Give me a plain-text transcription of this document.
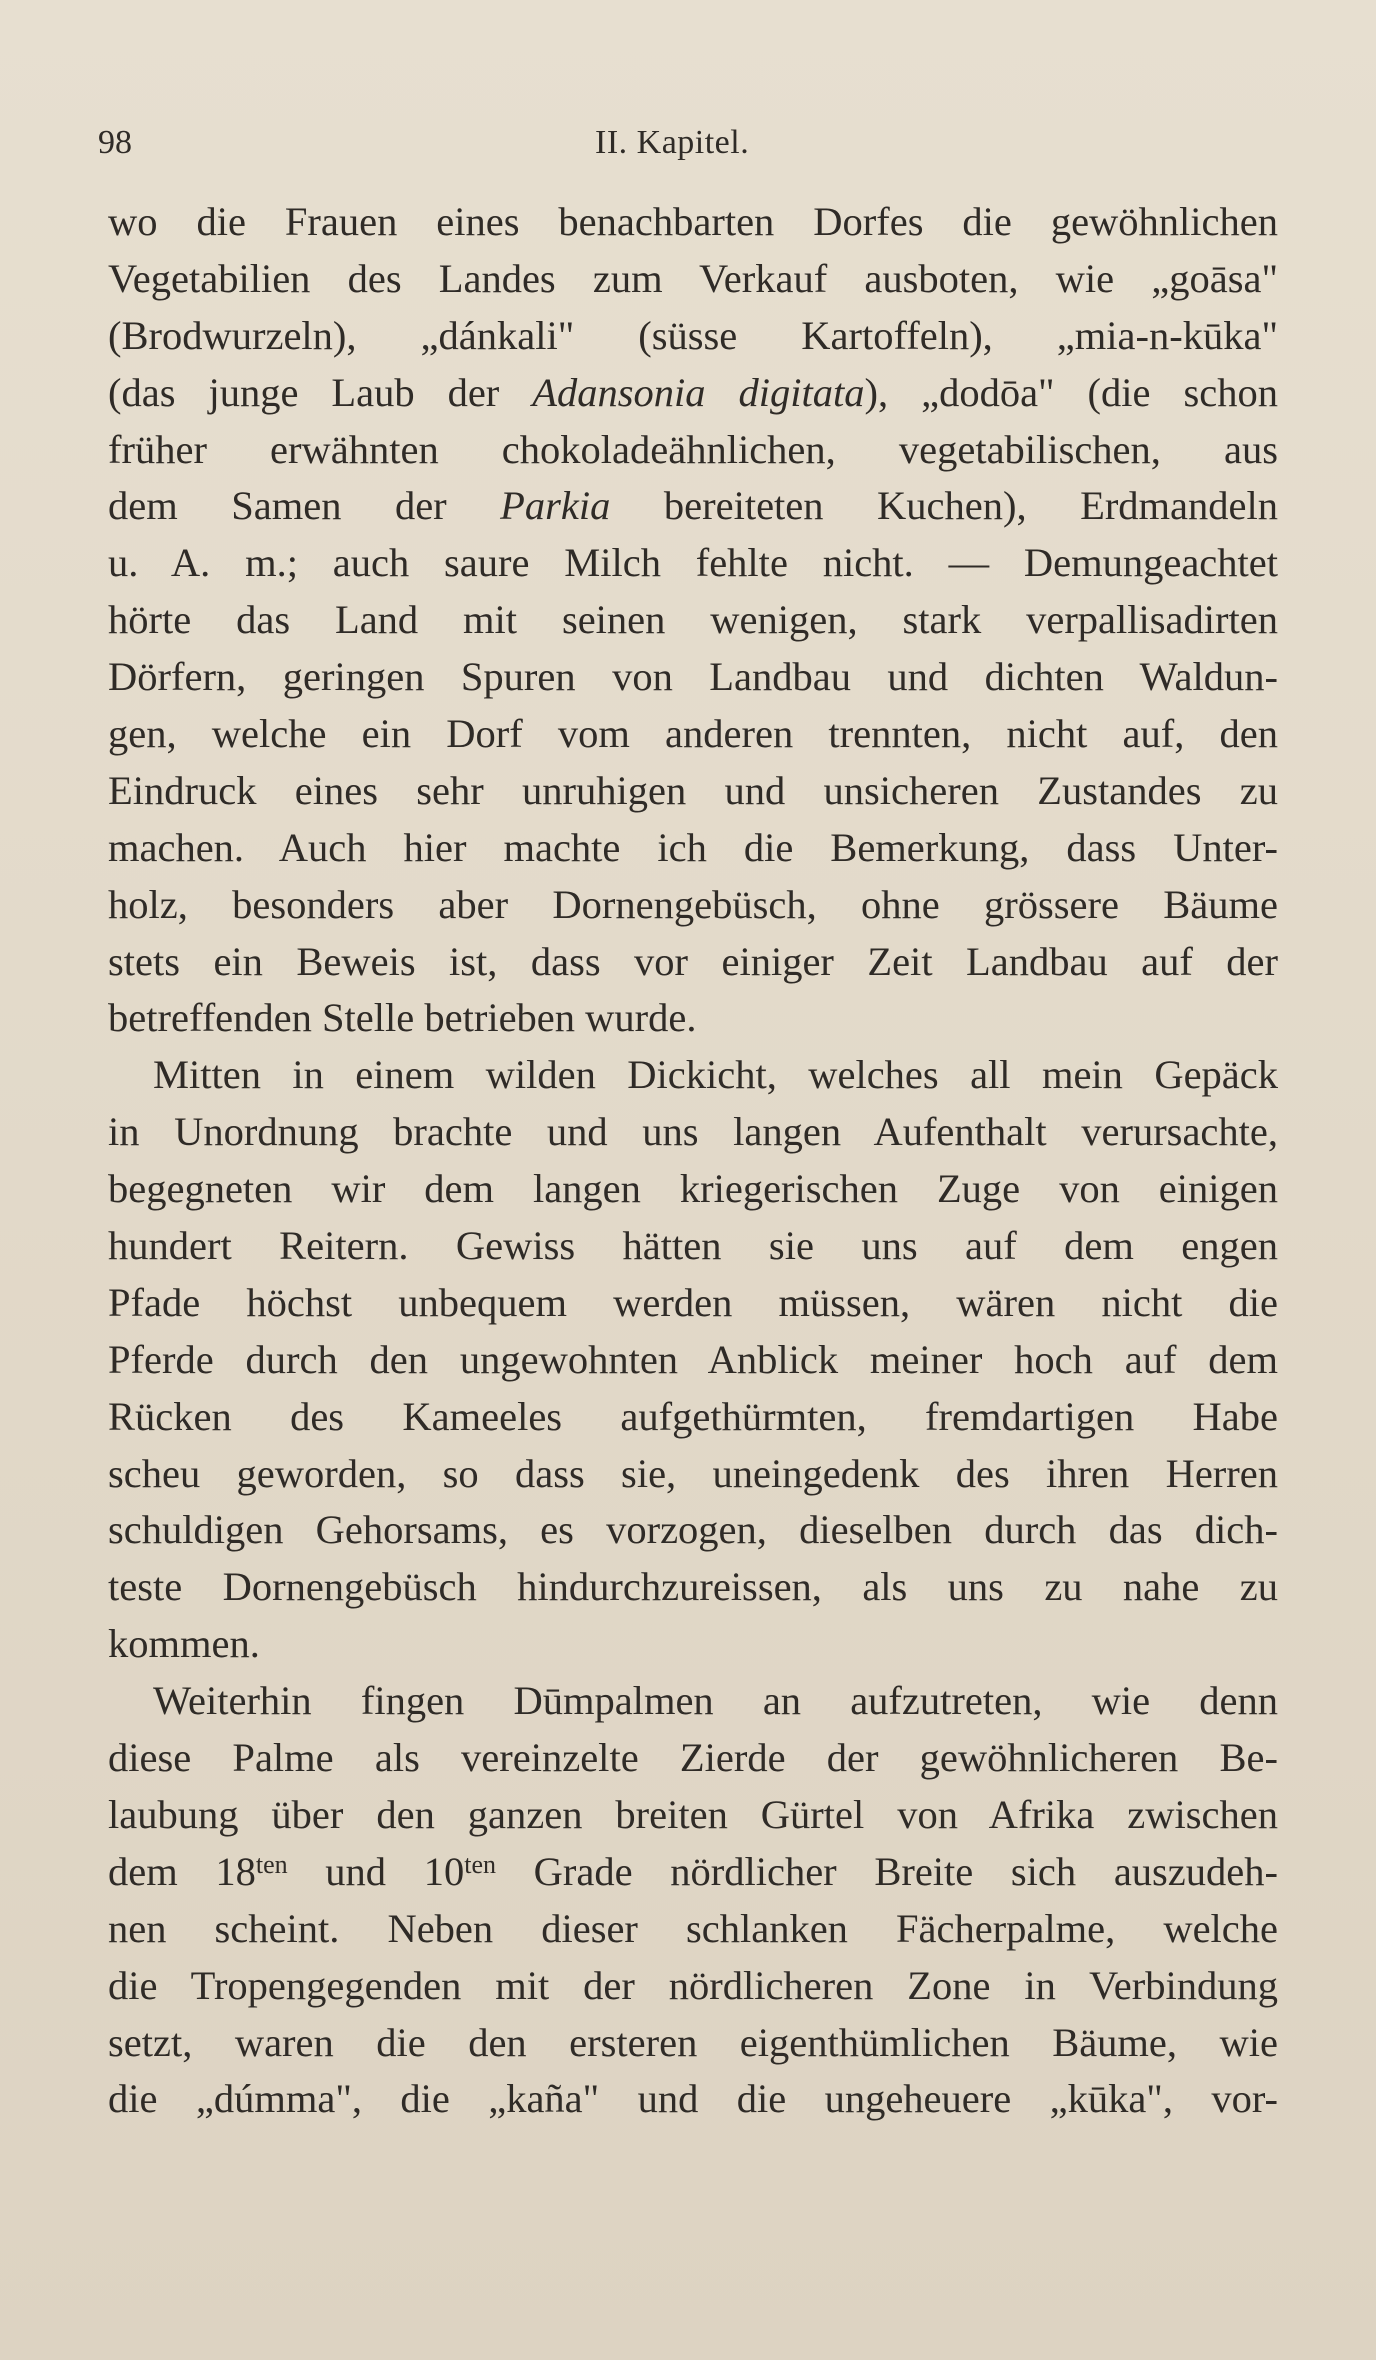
98	II. Kapitel.
wo die Frauen eines benachbarten Dorfes die gewöhnlichen
Vegetabilien des Landes zum Verkauf ausboten, wie „goāsa"
(Brodwurzeln), „dánkali" (süsse Kartoffeln), „mia-n-kūka"
(das junge Laub der Adansonia digitata), „dodōa" (die schon
früher erwähnten chokoladeähnlichen, vegetabilischen, aus
dem Samen der Parkia bereiteten Kuchen), Erdmandeln
u. A. m.; auch saure Milch fehlte nicht. — Demungeachtet
hörte das Land mit seinen wenigen, stark verpallisadirten
Dörfern, geringen Spuren von Landbau und dichten Waldun-
gen, welche ein Dorf vom anderen trennten, nicht auf, den
Eindruck eines sehr unruhigen und unsicheren Zustandes zu
machen. Auch hier machte ich die Bemerkung, dass Unter-
holz, besonders aber Dornengebüsch, ohne grössere Bäume
stets ein Beweis ist, dass vor einiger Zeit Landbau auf der
betreffenden Stelle betrieben wurde.
Mitten in einem wilden Dickicht, welches all mein Gepäck
in Unordnung brachte und uns langen Aufenthalt verursachte,
begegneten wir dem langen kriegerischen Zuge von einigen
hundert Reitern. Gewiss hätten sie uns auf dem engen
Pfade höchst unbequem werden müssen, wären nicht die
Pferde durch den ungewohnten Anblick meiner hoch auf dem
Rücken des Kameeles aufgethürmten, fremdartigen Habe
scheu geworden, so dass sie, uneingedenk des ihren Herren
schuldigen Gehorsams, es vorzogen, dieselben durch das dich-
teste Dornengebüsch hindurchzureissen, als uns zu nahe zu
kommen.
Weiterhin fingen Dūmpalmen an aufzutreten, wie denn
diese Palme als vereinzelte Zierde der gewöhnlicheren Be-
laubung über den ganzen breiten Gürtel von Afrika zwischen
dem $18^{ten}$ und $10^{ten}$ Grade nördlicher Breite sich auszudeh-
nen scheint. Neben dieser schlanken Fächerpalme, welche
die Tropengegenden mit der nördlicheren Zone in Verbindung
setzt, waren die den ersteren eigenthümlichen Bäume, wie
die „dúmma", die „kaña" und die ungeheuere „kūka", vor-
